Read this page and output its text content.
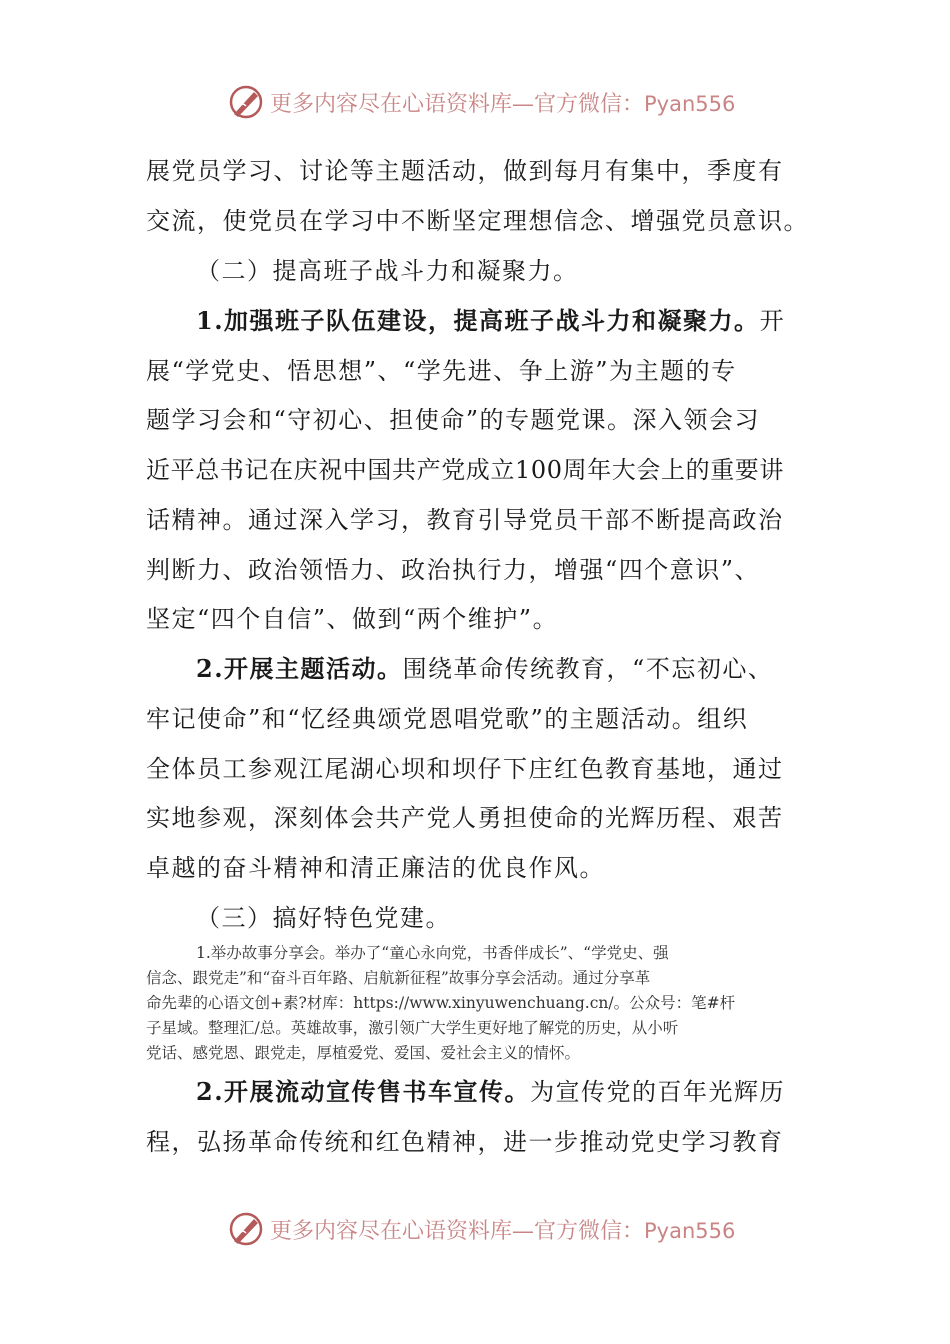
更多内容尽在心语资料库—官方微信：Pyan556
展党员学习、讨论等主题活动，做到每月有集中，季度有
交流，使党员在学习中不断坚定理想信念、增强党员意识。
（二）提高班子战斗力和凝聚力。
1.加强班子队伍建设，提高班子战斗力和凝聚力。开
展“学党史、悟思想”、“学先进、争上游”为主题的专
题学习会和“守初心、担使命”的专题党课。深入领会习
近平总书记在庆祝中国共产党成立100周年大会上的重要讲
话精神。通过深入学习，教育引导党员干部不断提高政治
判断力、政治领悟力、政治执行力，增强“四个意识”、
坚定“四个自信”、做到“两个维护”。
2.开展主题活动。围绕革命传统教育，“不忘初心、
牢记使命”和“忆经典颂党恩唱党歌”的主题活动。组织
全体员工参观江尾湖心坝和坝仔下庄红色教育基地，通过
实地参观，深刻体会共产党人勇担使命的光辉历程、艰苦
卓越的奋斗精神和清正廉洁的优良作风。
（三）搞好特色党建。
1.举办故事分享会。举办了“童心永向党，书香伴成长”、“学党史、强
信念、跟党走”和“奋斗百年路、启航新征程”故事分享会活动。通过分享革
命先辈的心语文创+素?材库：https://www.xinyuwenchuang.cn/。公众号：笔#杆
子星域。整理汇/总。英雄故事，激引领广大学生更好地了解党的历史，从小听
党话、感党恩、跟党走，厚植爱党、爱国、爱社会主义的情怀。
2.开展流动宣传售书车宣传。为宣传党的百年光辉历
程，弘扬革命传统和红色精神，进一步推动党史学习教育
更多内容尽在心语资料库—官方微信：Pyan556
